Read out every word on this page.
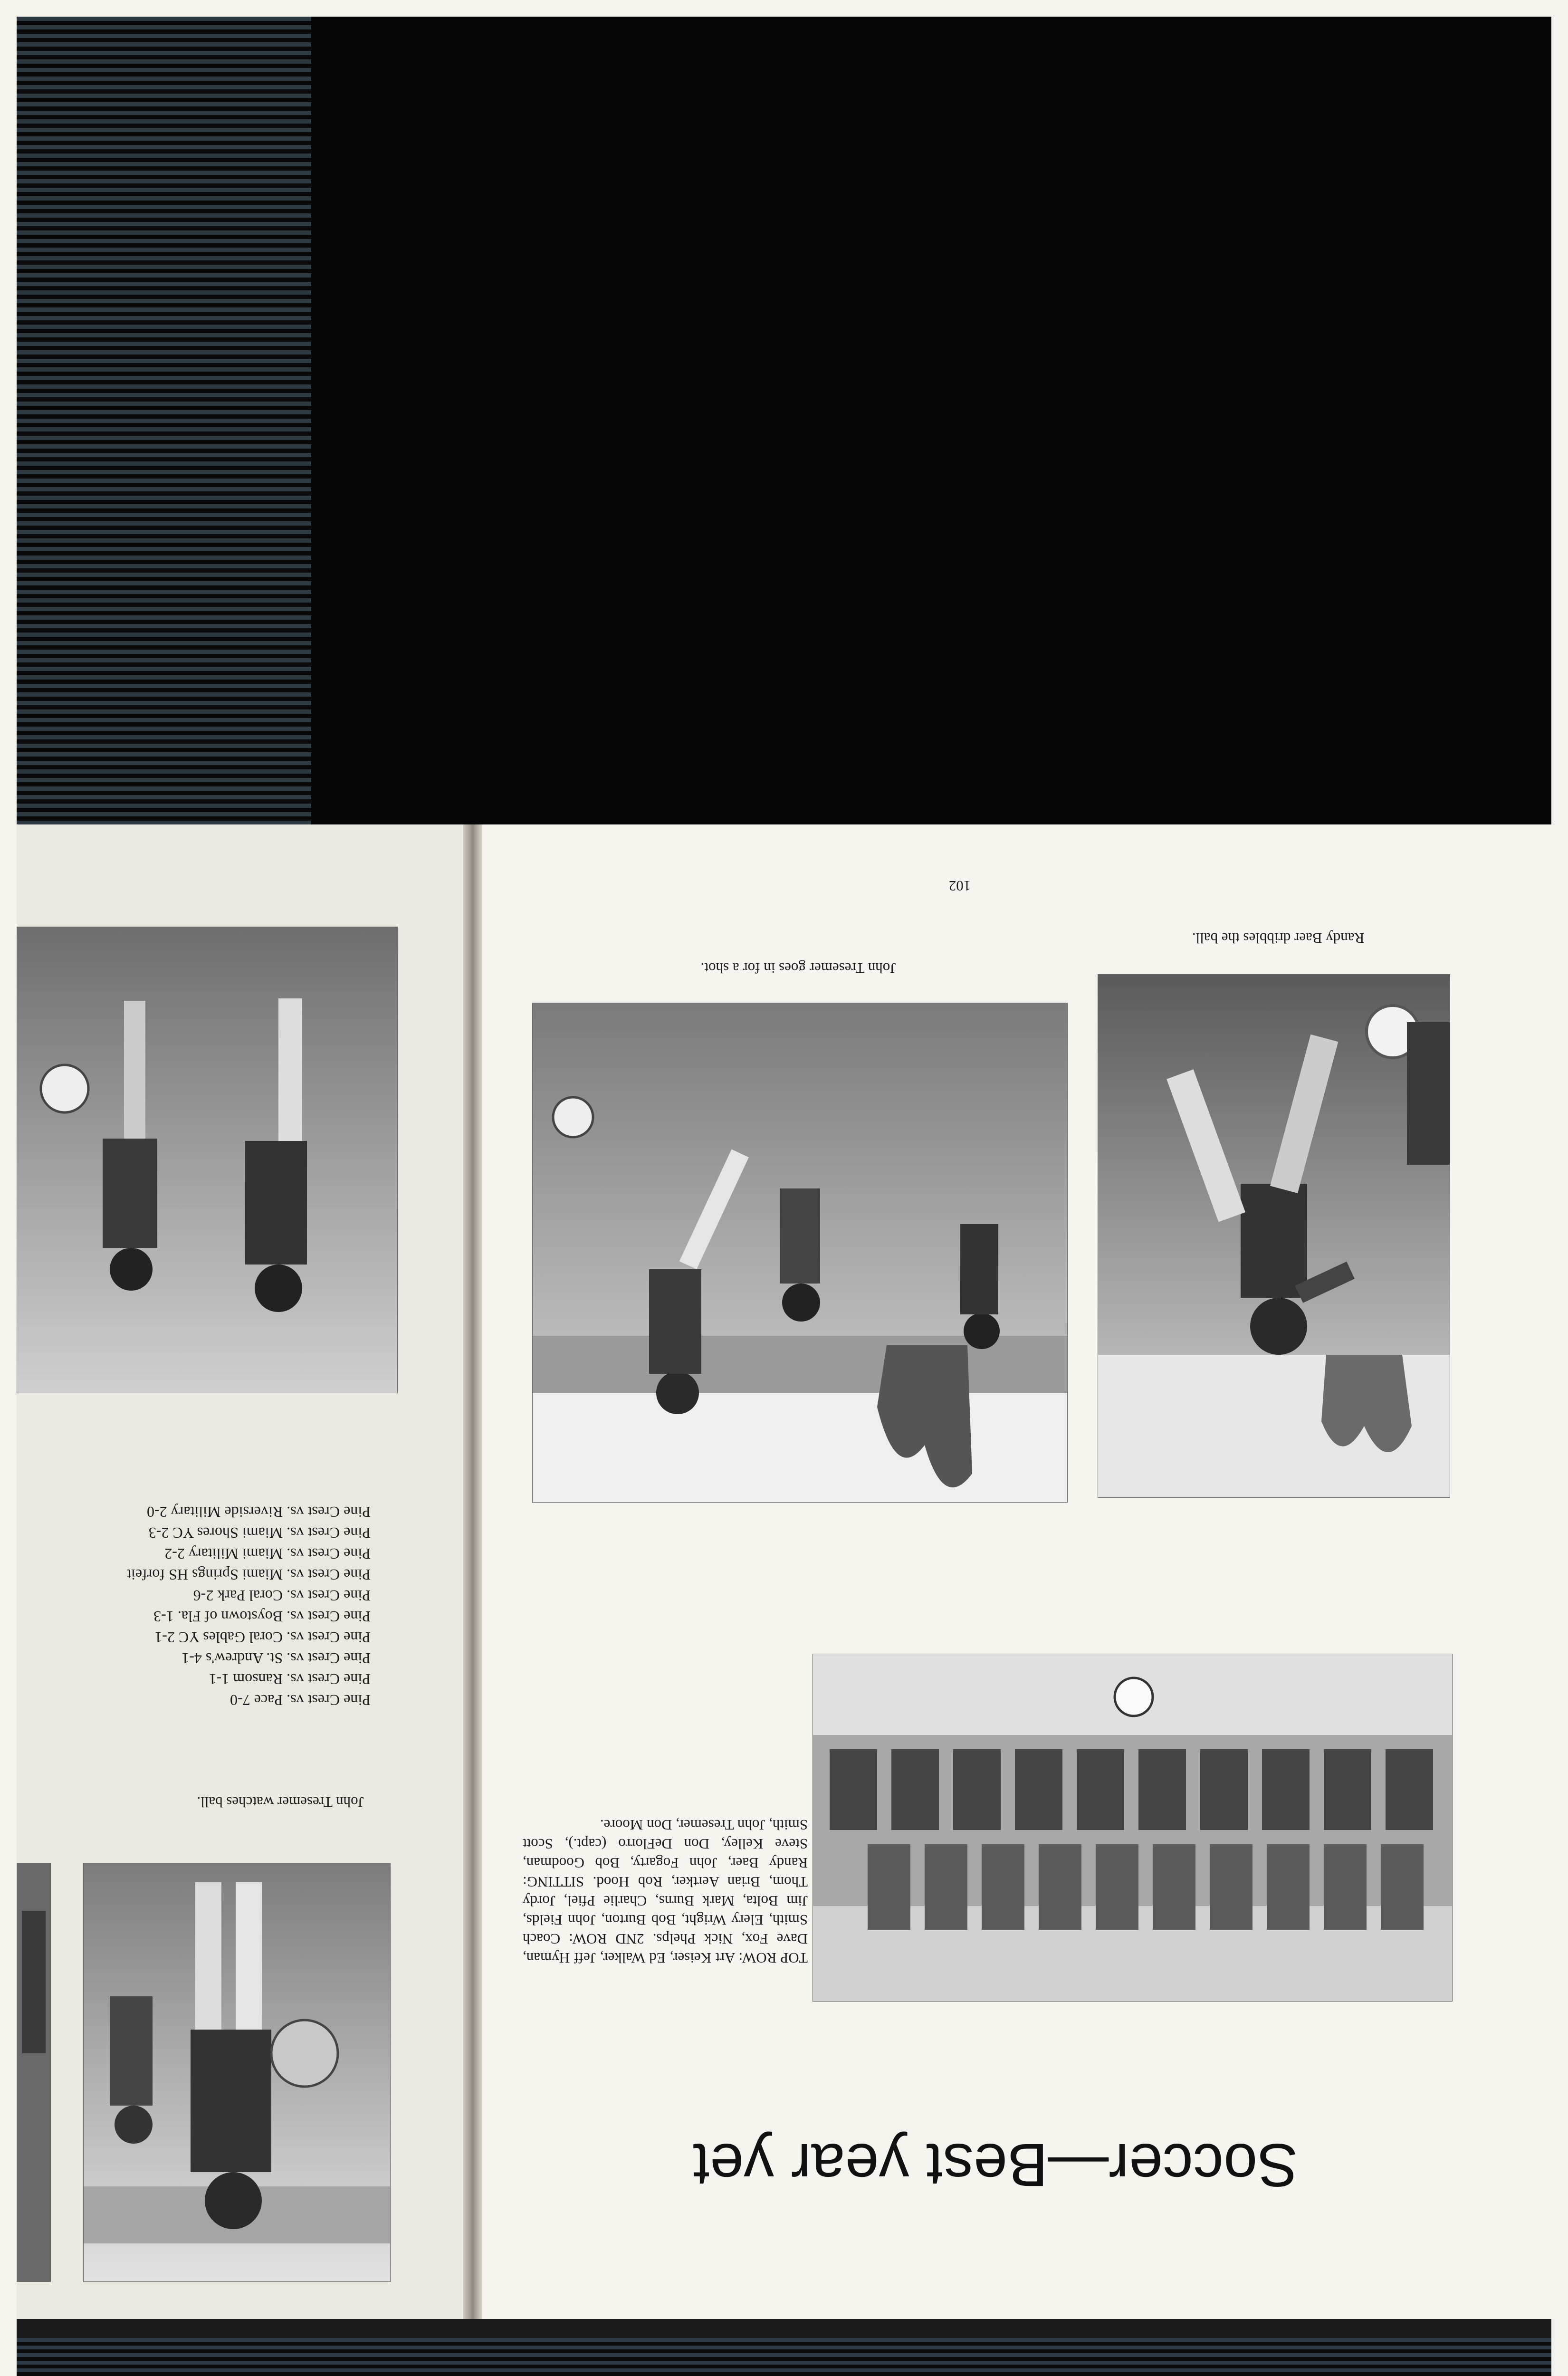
Soccer—Best year yet
102
Randy Baer dribbles the ball.
John Tresemer goes in for a shot.
TOP ROW: Art Keiser, Ed Walker, Jeff Hyman, Dave Fox, Nick Phelps. 2ND ROW: Coach Smith, Elery Wright, Bob Burton, John Fields, Jim Bolta, Mark Burns, Charlie Pfiel, Jordy Thom, Brian Aertker, Rob Hood. SITTING: Randy Baer, John Fogarty, Bob Goodman, Steve Kelley, Don DeFlorro (capt.), Scott Smith, John Tresemer, Don Moore.
John Tresemer watches ball.
Pine Crest vs. Pace 7-0
Pine Crest vs. Ransom 1-1
Pine Crest vs. St. Andrew's 4-1
Pine Crest vs. Coral Gables YC 2-1
Pine Crest vs. Boystown of Fla. 1-3
Pine Crest vs. Coral Park 2-6
Pine Crest vs. Miami Springs HS forfeit
Pine Crest vs. Miami Military 2-2
Pine Crest vs. Miami Shores YC 2-3
Pine Crest vs. Riverside Military 2-0
